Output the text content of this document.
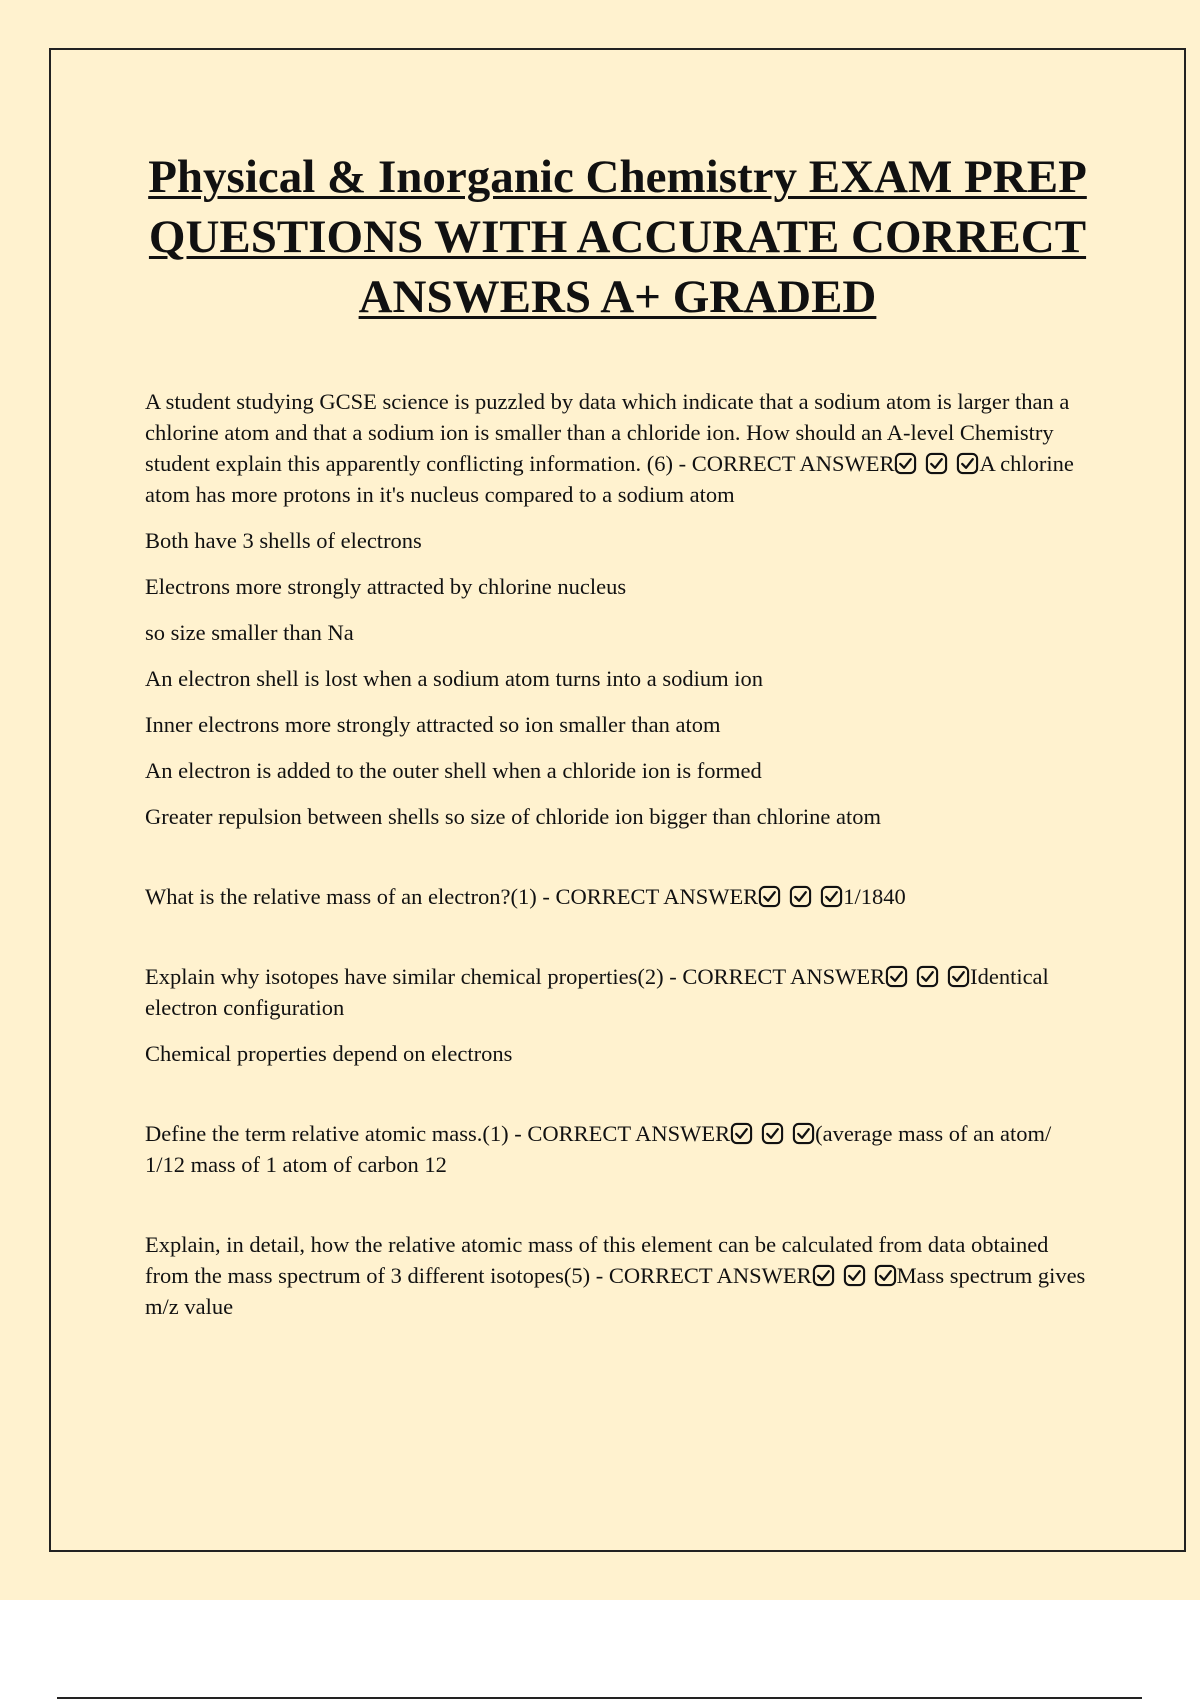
Physical & Inorganic Chemistry EXAM PREP QUESTIONS WITH ACCURATE CORRECT ANSWERS A+ GRADED

A student studying GCSE science is puzzled by data which indicate that a sodium atom is larger than a chlorine atom and that a sodium ion is smaller than a chloride ion. How should an A-level Chemistry student explain this apparently conflicting information. (6) - CORRECT ANSWER	A chlorine atom has more protons in it's nucleus compared to a sodium atom

Both have 3 shells of electrons

Electrons more strongly attracted by chlorine nucleus

so size smaller than Na

An electron shell is lost when a sodium atom turns into a sodium ion

Inner electrons more strongly attracted so ion smaller than atom

An electron is added to the outer shell when a chloride ion is formed

Greater repulsion between shells so size of chloride ion bigger than chlorine atom

What is the relative mass of an electron?(1) - CORRECT ANSWER	1/1840

Explain why isotopes have similar chemical properties(2) - CORRECT ANSWER	Identical electron configuration

Chemical properties depend on electrons

Define the term relative atomic mass.(1) - CORRECT ANSWER	(average mass of an atom/ 1/12 mass of 1 atom of carbon 12

Explain, in detail, how the relative atomic mass of this element can be calculated from data obtained from the mass spectrum of 3 different isotopes(5) - CORRECT ANSWER	Mass spectrum gives m/z value
